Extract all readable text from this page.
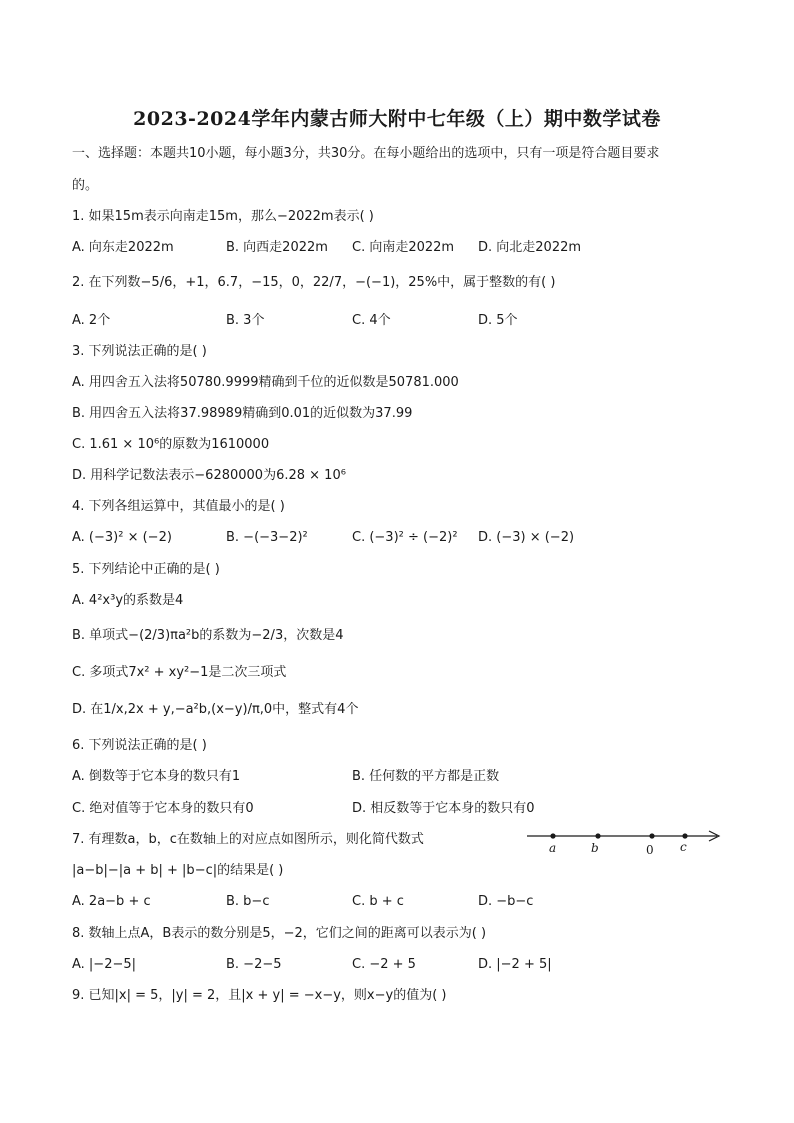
2023-2024学年内蒙古师大附中七年级（上）期中数学试卷
一、选择题：本题共10小题，每小题3分，共30分。在每小题给出的选项中，只有一项是符合题目要求
的。
1. 如果15m表示向南走15m，那么−2022m表示( )
A. 向东走2022m	B. 向西走2022m C. 向南走2022m D. 向北走2022m
2. 在下列数−5/6，+1，6.7，−15，0，22/7，−(−1)，25%中，属于整数的有( )
A. 2个	B. 3个	C. 4个	D. 5个
3. 下列说法正确的是( )
A. 用四舍五入法将50780.9999精确到千位的近似数是50781.000
B. 用四舍五入法将37.98989精确到0.01的近似数为37.99
C. 1.61 × 10⁶的原数为1610000
D. 用科学记数法表示−6280000为6.28 × 10⁶
4. 下列各组运算中，其值最小的是( )
A. (−3)² × (−2)	B. −(−3−2)²	C. (−3)² ÷ (−2)² D. (−3) × (−2)
5. 下列结论中正确的是( )
A. 4²x³y的系数是4
B. 单项式−(2/3)πa²b的系数为−2/3，次数是4
C. 多项式7x² + xy²−1是二次三项式
D. 在1/x,2x + y,−a²b,(x−y)/π,0中，整式有4个
6. 下列说法正确的是( )
A. 倒数等于它本身的数只有1	B. 任何数的平方都是正数
C. 绝对值等于它本身的数只有0	D. 相反数等于它本身的数只有0
7. 有理数a，b，c在数轴上的对应点如图所示，则化简代数式
a	b	0 c
|a−b|−|a + b| + |b−c|的结果是( )
A. 2a−b + c	B. b−c	C. b + c	D. −b−c
8. 数轴上点A，B表示的数分别是5，−2，它们之间的距离可以表示为( )
A. |−2−5|	B. −2−5	C. −2 + 5	D. |−2 + 5|
9. 已知|x| = 5，|y| = 2，且|x + y| = −x−y，则x−y的值为( )
